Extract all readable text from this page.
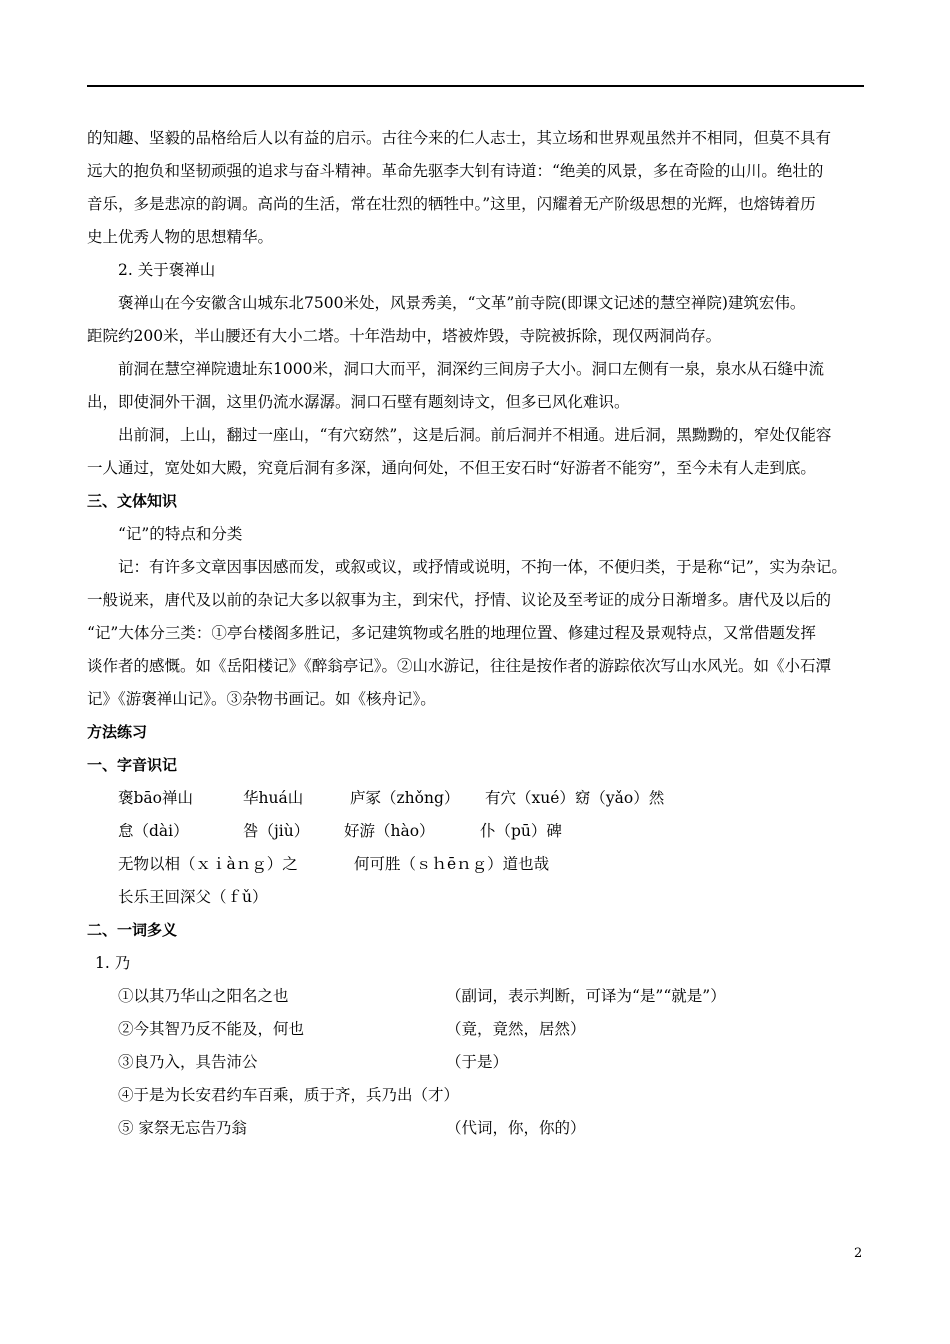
的知趣、坚毅的品格给后人以有益的启示。古往今来的仁人志士，其立场和世界观虽然并不相同，但莫不具有

远大的抱负和坚韧顽强的追求与奋斗精神。革命先驱李大钊有诗道：“绝美的风景，多在奇险的山川。绝壮的

音乐，多是悲凉的韵调。高尚的生活，常在壮烈的牺牲中。”这里，闪耀着无产阶级思想的光辉，也熔铸着历

史上优秀人物的思想精华。

2. 关于褒禅山

褒禅山在今安徽含山城东北7500米处，风景秀美，“文革”前寺院(即课文记述的慧空禅院)建筑宏伟。

距院约200米，半山腰还有大小二塔。十年浩劫中，塔被炸毁，寺院被拆除，现仅两洞尚存。

前洞在慧空禅院遗址东1000米，洞口大而平，洞深约三间房子大小。洞口左侧有一泉，泉水从石缝中流

出，即使洞外干涸，这里仍流水潺潺。洞口石壁有题刻诗文，但多已风化难识。

出前洞，上山，翻过一座山，“有穴窈然”，这是后洞。前后洞并不相通。进后洞，黑黝黝的，窄处仅能容

一人通过，宽处如大殿，究竟后洞有多深，通向何处，不但王安石时“好游者不能穷”，至今未有人走到底。

三、文体知识

“记”的特点和分类

记：有许多文章因事因感而发，或叙或议，或抒情或说明，不拘一体，不便归类，于是称“记”，实为杂记。

一般说来，唐代及以前的杂记大多以叙事为主，到宋代，抒情、议论及至考证的成分日渐增多。唐代及以后的

“记”大体分三类：①亭台楼阁多胜记，多记建筑物或名胜的地理位置、修建过程及景观特点，又常借题发挥

谈作者的感慨。如《岳阳楼记》《醉翁亭记》。②山水游记，往往是按作者的游踪依次写山水风光。如《小石潭

记》《游褒禅山记》。③杂物书画记。如《核舟记》。

方法练习

一、字音识记

褒bāo禅山	华huá山	庐冢（zhǒng）	有穴（xué）窈（yǎo）然
怠（dài）	咎（jiù）	好游（hào）	仆（pū）碑
无物以相（ｘｉàｎｇ）之	何可胜（ｓｈēｎｇ）道也哉
长乐王回深父（ｆǔ）

二、一词多义

1. 乃

①以其乃华山之阳名之也	（副词，表示判断，可译为“是”“就是”）
②今其智乃反不能及，何也	（竟，竟然，居然）
③良乃入，具告沛公	（于是）
④于是为长安君约车百乘，质于齐，兵乃出 （才）
⑤ 家祭无忘告乃翁	（代词，你，你的）
2
